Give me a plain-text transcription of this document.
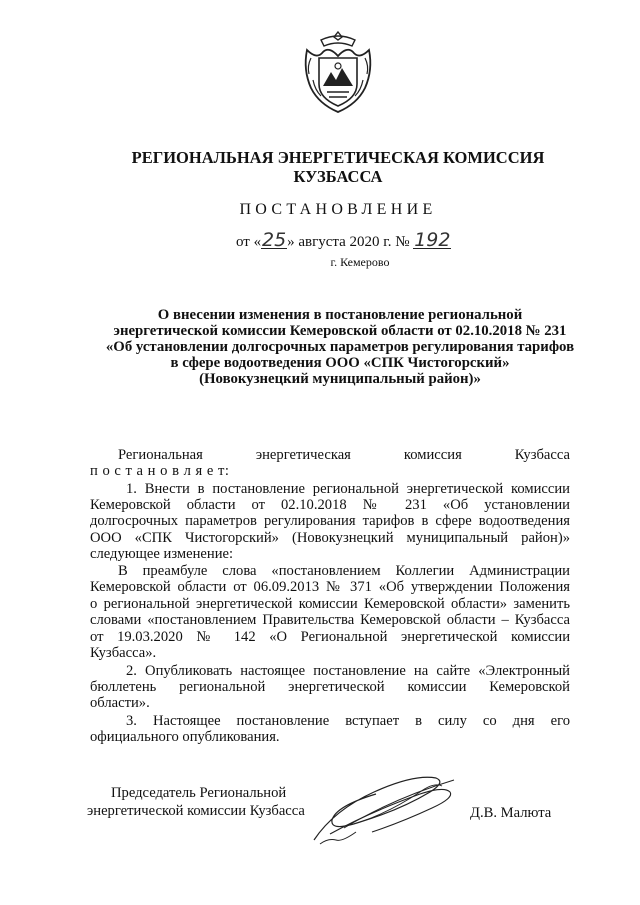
РЕГИОНАЛЬНАЯ ЭНЕРГЕТИЧЕСКАЯ КОМИССИЯ
КУЗБАССА
ПОСТАНОВЛЕНИЕ
от «25» августа 2020 г. № 192
г. Кемерово
О внесении изменения в постановление региональной
энергетической комиссии Кемеровской области от 02.10.2018 № 231
«Об установлении долгосрочных параметров регулирования тарифов
в сфере водоотведения ООО «СПК Чистогорский»
(Новокузнецкий муниципальный район)»
Региональная энергетическая комиссия Кузбасса
п о с т а н о в л я е т:
1. Внести в постановление региональной энергетической комиссии
Кемеровской области от 02.10.2018 № 231 «Об установлении
долгосрочных параметров регулирования тарифов в сфере водоотведения
ООО «СПК Чистогорский» (Новокузнецкий муниципальный район)»
следующее изменение:
В преамбуле слова «постановлением Коллегии Администрации
Кемеровской области от 06.09.2013 № 371 «Об утверждении Положения
о региональной энергетической комиссии Кемеровской области» заменить
словами «постановлением Правительства Кемеровской области – Кузбасса
от 19.03.2020 № 142 «О Региональной энергетической комиссии
Кузбасса».
2. Опубликовать настоящее постановление на сайте «Электронный
бюллетень региональной энергетической комиссии Кемеровской
области».
3. Настоящее постановление вступает в силу со дня его
официального опубликования.
Председатель Региональной
энергетической комиссии Кузбасса	Д.В. Малюта
